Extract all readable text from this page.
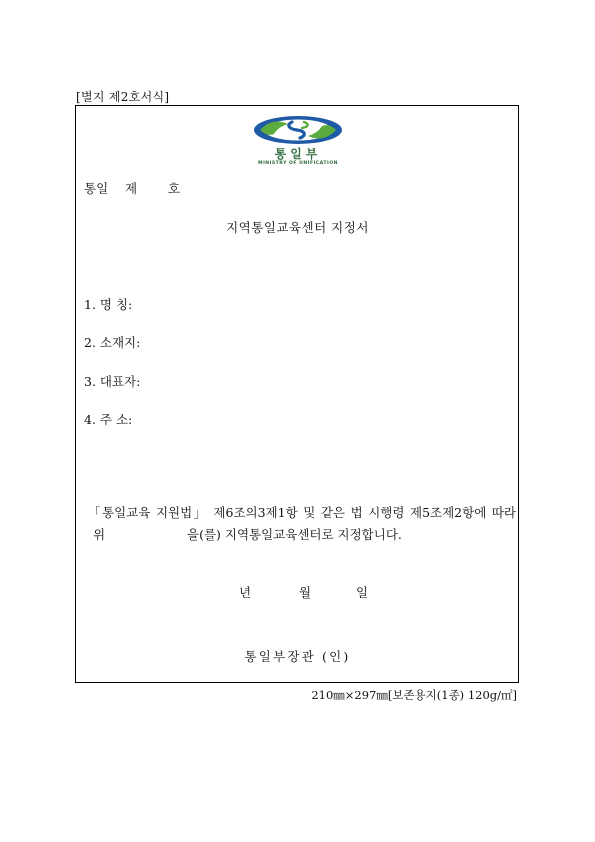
[별지 제2호서식]
통일부
MINISTRY OF UNIFICATION
통일 제 호
지역통일교육센터 지정서
1. 명 칭:
2. 소재지:
3. 대표자:
4. 주 소:
「통일교육 지원법」 제6조의3제1항 및 같은 법 시행령 제5조제2항에 따라
위	을(를) 지역통일교육센터로 지정합니다.
년	월	일
통일부장관 (인)
210㎜×297㎜[보존용지(1종) 120g/㎡]
